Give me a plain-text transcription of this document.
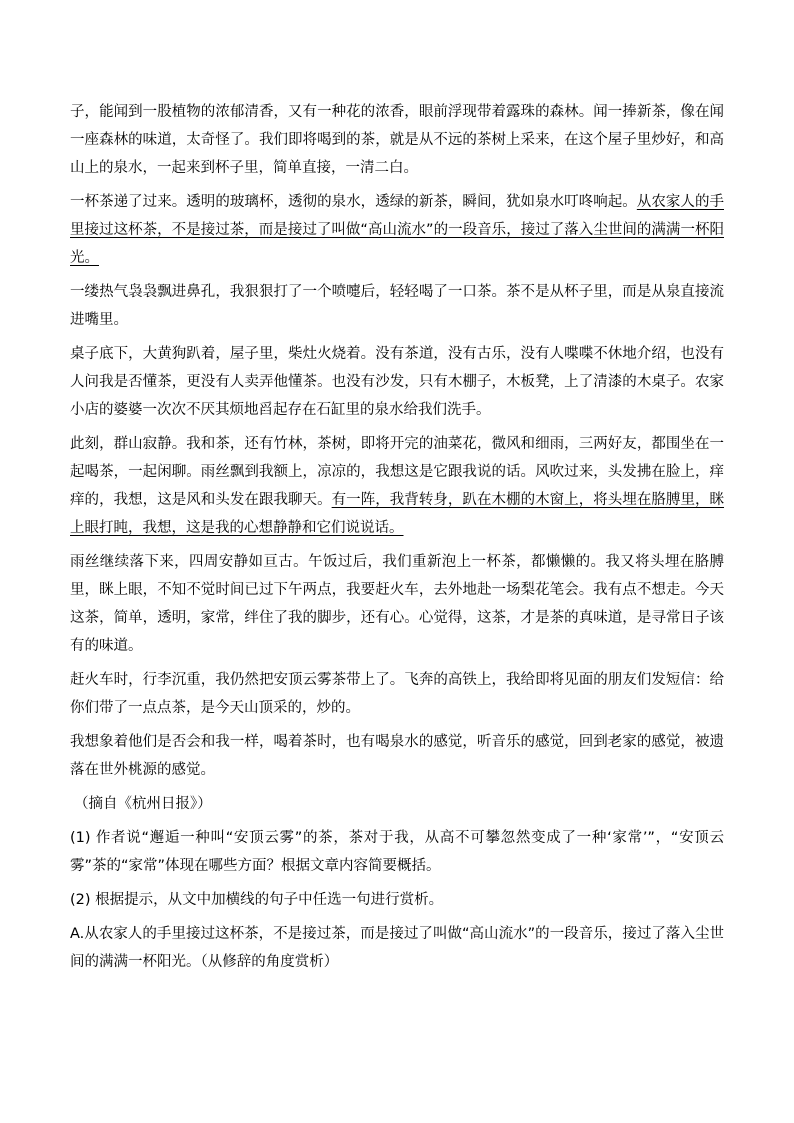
子，能闻到一股植物的浓郁清香，又有一种花的浓香，眼前浮现带着露珠的森林。闻一捧新茶，像在闻一座森林的味道，太奇怪了。我们即将喝到的茶，就是从不远的茶树上采来，在这个屋子里炒好，和高山上的泉水，一起来到杯子里，简单直接，一清二白。

一杯茶递了过来。透明的玻璃杯，透彻的泉水，透绿的新茶，瞬间，犹如泉水叮咚响起。从农家人的手里接过这杯茶，不是接过茶，而是接过了叫做“高山流水”的一段音乐，接过了落入尘世间的满满一杯阳光。

一缕热气袅袅飘进鼻孔，我狠狠打了一个喷嚏后，轻轻喝了一口茶。茶不是从杯子里，而是从泉直接流进嘴里。

桌子底下，大黄狗趴着，屋子里，柴灶火烧着。没有茶道，没有古乐，没有人喋喋不休地介绍，也没有人问我是否懂茶，更没有人卖弄他懂茶。也没有沙发，只有木棚子，木板凳，上了清漆的木桌子。农家小店的婆婆一次次不厌其烦地舀起存在石缸里的泉水给我们洗手。

此刻，群山寂静。我和茶，还有竹林，茶树，即将开完的油菜花，微风和细雨，三两好友，都围坐在一起喝茶，一起闲聊。雨丝飘到我额上，凉凉的，我想这是它跟我说的话。风吹过来，头发拂在脸上，痒痒的，我想，这是风和头发在跟我聊天。有一阵，我背转身，趴在木棚的木窗上，将头埋在胳膊里，眯上眼打盹，我想，这是我的心想静静和它们说说话。

雨丝继续落下来，四周安静如亘古。午饭过后，我们重新泡上一杯茶，都懒懒的。我又将头埋在胳膊里，眯上眼，不知不觉时间已过下午两点，我要赶火车，去外地赴一场梨花笔会。我有点不想走。今天这茶，简单，透明，家常，绊住了我的脚步，还有心。心觉得，这茶，才是茶的真味道，是寻常日子该有的味道。

赶火车时，行李沉重，我仍然把安顶云雾茶带上了。飞奔的高铁上，我给即将见面的朋友们发短信：给你们带了一点点茶，是今天山顶采的，炒的。

我想象着他们是否会和我一样，喝着茶时，也有喝泉水的感觉，听音乐的感觉，回到老家的感觉，被遗落在世外桃源的感觉。

（摘自《杭州日报》）

(1) 作者说“邂逅一种叫“安顶云雾”的茶，茶对于我，从高不可攀忽然变成了一种‘家常’”，“安顶云雾”茶的“家常”体现在哪些方面？根据文章内容简要概括。

(2) 根据提示，从文中加横线的句子中任选一句进行赏析。

A.从农家人的手里接过这杯茶，不是接过茶，而是接过了叫做“高山流水”的一段音乐，接过了落入尘世间的满满一杯阳光。（从修辞的角度赏析）
